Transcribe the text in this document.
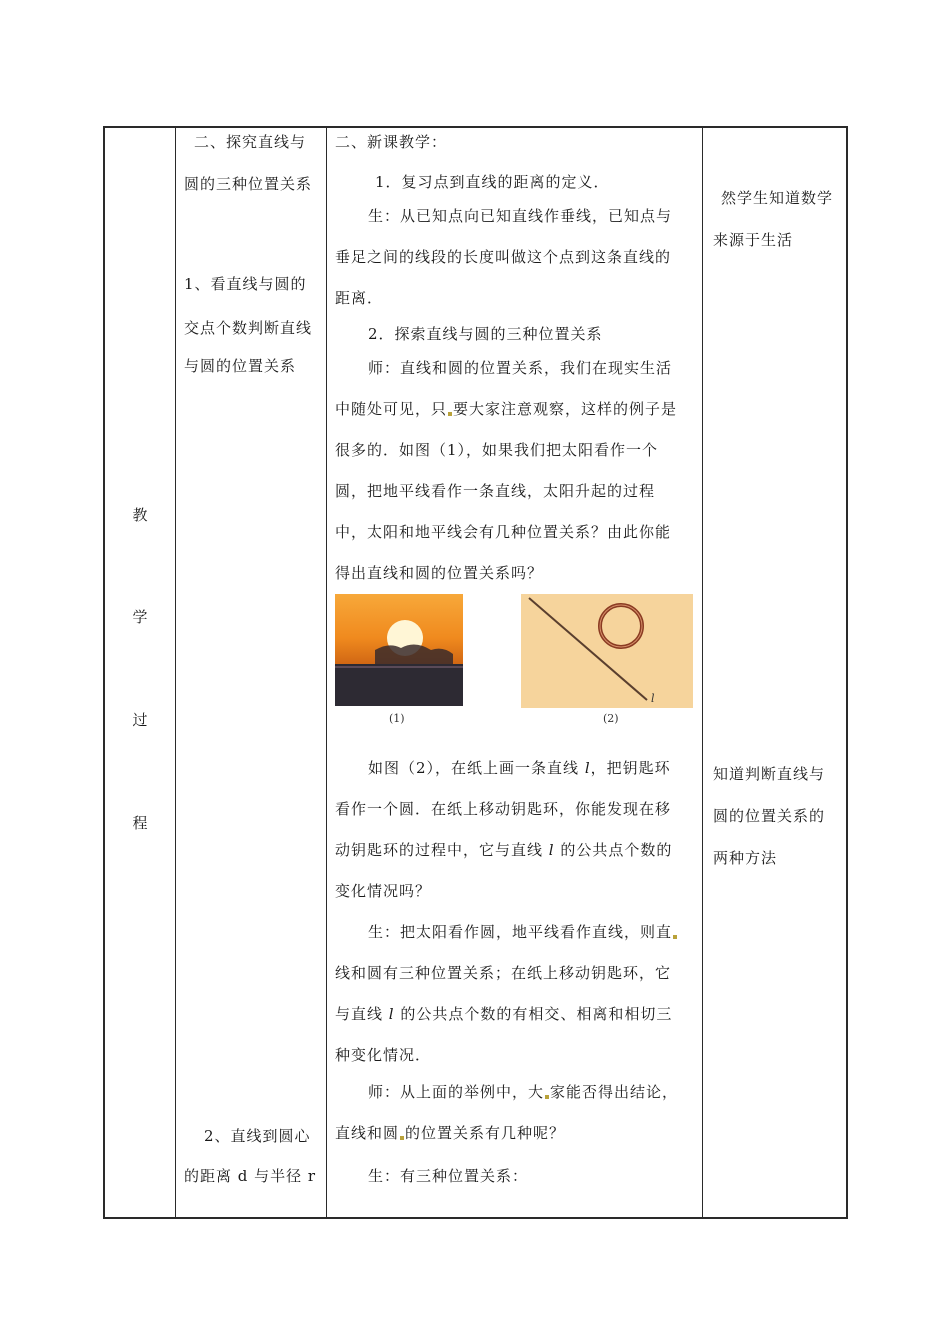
教
学
过
程
二、探究直线与
圆的三种位置关系
1、看直线与圆的
交点个数判断直线
与圆的位置关系
2、直线到圆心
的距离 d 与半径 r
二、新课教学：
1．复习点到直线的距离的定义．
生：从已知点向已知直线作垂线，已知点与
垂足之间的线段的长度叫做这个点到这条直线的
距离．
2．探索直线与圆的三种位置关系
师：直线和圆的位置关系，我们在现实生活
中随处可见，只 要大家注意观察，这样的例子是
很多的．如图（1），如果我们把太阳看作一个
圆，把地平线看作一条直线，太阳升起的过程
中，太阳和地平线会有几种位置关系？由此你能
得出直线和圆的位置关系吗？
(1)
l
(2)
如图（2），在纸上画一条直线 l，把钥匙环
看作一个圆．在纸上移动钥匙环，你能发现在移
动钥匙环的过程中，它与直线 l 的公共点个数的
变化情况吗？
生：把太阳看作圆，地平线看作直线，则直
线和圆有三种位置关系；在纸上移动钥匙环，它
与直线 l 的公共点个数的有相交、相离和相切三
种变化情况．
师：从上面的举例中，大 家能否得出结论，
直线和圆 的位置关系有几种呢？
生：有三种位置关系：
然学生知道数学
来源于生活
知道判断直线与
圆的位置关系的
两种方法
